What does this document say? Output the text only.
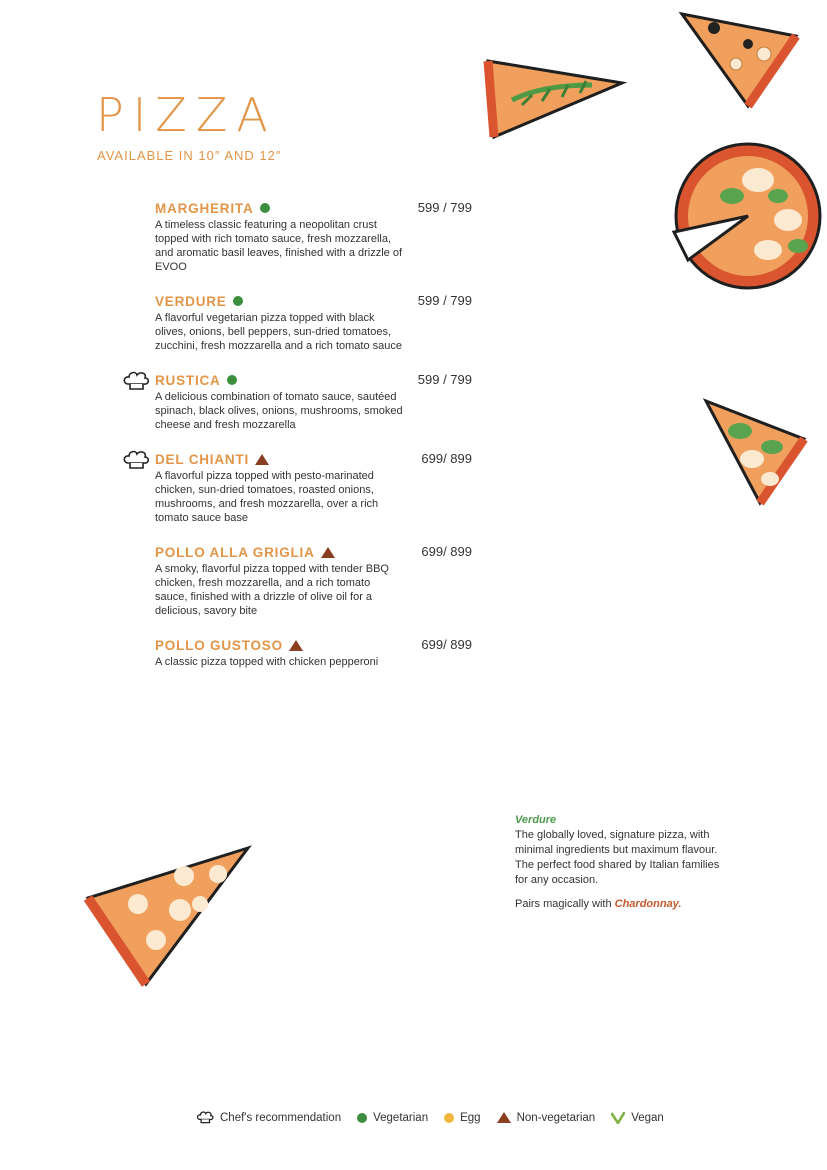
PIZZA
AVAILABLE IN 10″ AND 12″
MARGHERITA	599 / 799
A timeless classic featuring a neopolitan crust topped with rich tomato sauce, fresh mozzarella, and aromatic basil leaves, finished with a drizzle of EVOO
VERDURE	599 / 799
A flavorful vegetarian pizza topped with black olives, onions, bell peppers, sun-dried tomatoes, zucchini, fresh mozzarella and a rich tomato sauce
RUSTICA	599 / 799
A delicious combination of tomato sauce, sautéed spinach, black olives, onions, mushrooms, smoked cheese and fresh mozzarella
DEL CHIANTI	699/ 899
A flavorful pizza topped with pesto-marinated chicken, sun-dried tomatoes, roasted onions, mushrooms, and fresh mozzarella, over a rich tomato sauce base
POLLO ALLA GRIGLIA	699/ 899
A smoky, flavorful pizza topped with tender BBQ chicken, fresh mozzarella, and a rich tomato sauce, finished with a drizzle of olive oil for a delicious, savory bite
POLLO GUSTOSO	699/ 899
A classic pizza topped with chicken pepperoni
Verdure
The globally loved, signature pizza, with minimal ingredients but maximum flavour. The perfect food shared by Italian families for any occasion.
Pairs magically with Chardonnay.
Chef's recommendation	Vegetarian	Egg	Non-vegetarian	Vegan
